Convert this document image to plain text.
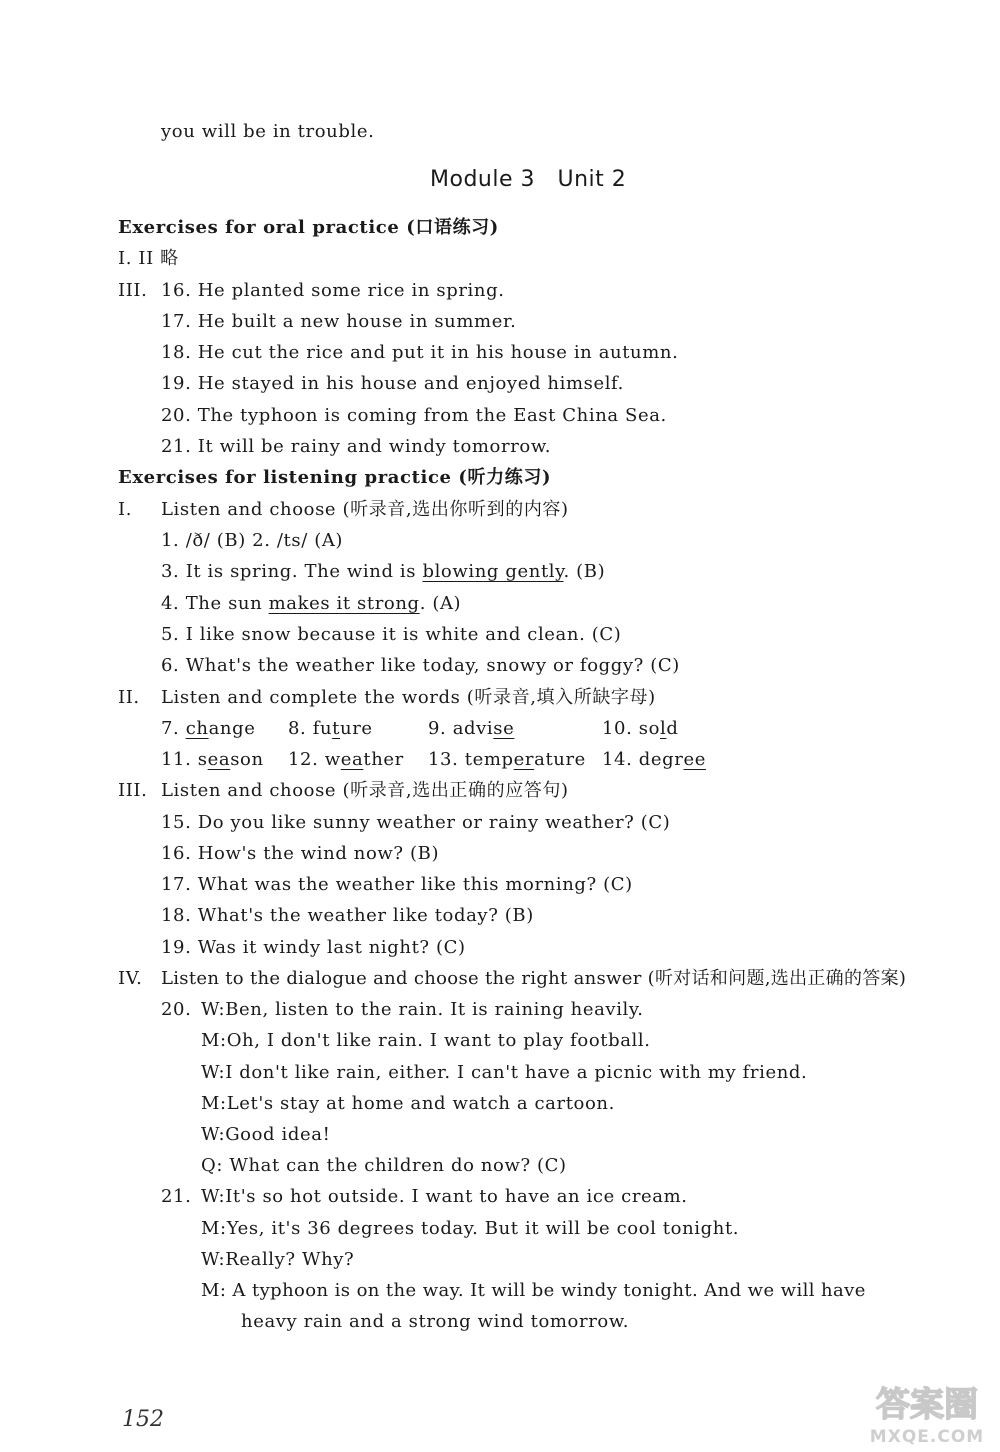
you will be in trouble.
Module 3   Unit 2
Exercises for oral practice (口语练习)
I. II 略
III. 16. He planted some rice in spring.
17. He built a new house in summer.
18. He cut the rice and put it in his house in autumn.
19. He stayed in his house and enjoyed himself.
20. The typhoon is coming from the East China Sea.
21. It will be rainy and windy tomorrow.
Exercises for listening practice (听力练习)
I. Listen and choose (听录音,选出你听到的内容)
1. /ð/ (B) 2. /ts/ (A)
3. It is spring. The wind is blowing gently. (B)
4. The sun makes it strong. (A)
5. I like snow because it is white and clean. (C)
6. What's the weather like today, snowy or foggy? (C)
II. Listen and complete the words (听录音,填入所缺字母)
7. change 8. future	9. advise	10. sold
11. season 12. weather 13. temperature 14. degree
III. Listen and choose (听录音,选出正确的应答句)
15. Do you like sunny weather or rainy weather? (C)
16. How's the wind now? (B)
17. What was the weather like this morning? (C)
18. What's the weather like today? (B)
19. Was it windy last night? (C)
IV. Listen to the dialogue and choose the right answer (听对话和问题,选出正确的答案)
20. W:Ben, listen to the rain. It is raining heavily.
M:Oh, I don't like rain. I want to play football.
W:I don't like rain, either. I can't have a picnic with my friend.
M:Let's stay at home and watch a cartoon.
W:Good idea!
Q: What can the children do now? (C)
21. W:It's so hot outside. I want to have an ice cream.
M:Yes, it's 36 degrees today. But it will be cool tonight.
W:Really? Why?
M: A typhoon is on the way. It will be windy tonight. And we will have
heavy rain and a strong wind tomorrow.
152	答案圈
MXQE.COM
